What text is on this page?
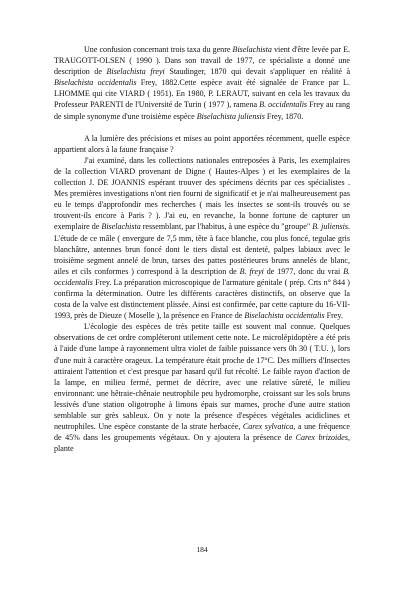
Une confusion concernant trois taxa du genre Biselachista vient d'être levée par E. TRAUGOTT-OLSEN ( 1990 ). Dans son travail de 1977, ce spécialiste a donné une description de Biselachista freyi Staudinger, 1870 qui devait s'appliquer en réalité à Biselachista occidentalis Frey, 1882.Cette espèce avait été signalée de France par L. LHOMME qui cite VIARD ( 1951). En 1980, P. LERAUT, suivant en cela les travaux du Professeur PARENTI de l'Université de Turin ( 1977 ), ramena B. occidentalis Frey au rang de simple synonyme d'une troisième espèce Biselachista juliensis Frey, 1870.

A la lumière des précisions et mises au point apportées récemment, quelle espèce appartient alors à la faune française ?

J'ai examiné, dans les collections nationales entreposées à Paris, les exemplaires de la collection VIARD provenant de Digne ( Hautes-Alpes ) et les exemplaires de la collection J. DE JOANNIS espérant trouver des spécimens décrits par ces spécialistes . Mes premières investigations n'ont rien fourni de significatif et je n'ai malheureusement pas eu le temps d'approfondir mes recherches ( mais les insectes se sont-ils trouvés ou se trouvent-ils encore à Paris ? ). J'ai eu, en revanche, la bonne fortune de capturer un exemplaire de Biselachista ressemblant, par l'habitus, à une espèce du "groupe" B. juliensis. L'étude de ce mâle ( envergure de 7,5 mm, tête à face blanche, cou plus foncé, tegulae gris blanchâtre, antennes brun foncé dont le tiers distal est denteté, palpes labiaux avec le troisième segment annelé de brun, tarses des pattes postérieures bruns annelés de blanc, ailes et cils conformes ) correspond à la description de B. freyi de 1977, donc du vrai B. occidentalis Frey. La préparation microscopique de l'armature génitale ( prép. Crts n° 844 ) confirma la détermination. Outre les différents caractères distinctifs, on observe que la costa de la valve est distinctement plissée. Ainsi est confirmée, par cette capture du 16-VII-1993, près de Dieuze ( Moselle ), la présence en France de Biselachista occidentalis Frey.

L'écologie des espèces de très petite taille est souvent mal connue. Quelques observations de cet ordre compléteront utilement cette note. Le microlépidoptère a été pris à l'aide d'une lampe à rayonnement ultra violet de faible puissance vers 0h 30 ( T.U. ), lors d'une nuit à caractère orageux. La température était proche de 17°C. Des milliers d'Insectes attiraient l'attention et c'est presque par hasard qu'il fut récolté. Le faible rayon d'action de la lampe, en milieu fermé, permet de décrire, avec une relative sûreté, le milieu environnant: une hêtraie-chênaie neutrophile peu hydromorphe, croissant sur les sols bruns lessivés d'une station oligotrophe à limons épais sur marnes, proche d'une autre station semblable sur grès sableux. On y note la présence d'espèces végétales acidiclines et neutrophiles. Une espèce constante de la strate herbacée, Carex sylvatica, a une fréquence de 45% dans les groupements végétaux. On y ajoutera la présence de Carex brizoides, plante

184
